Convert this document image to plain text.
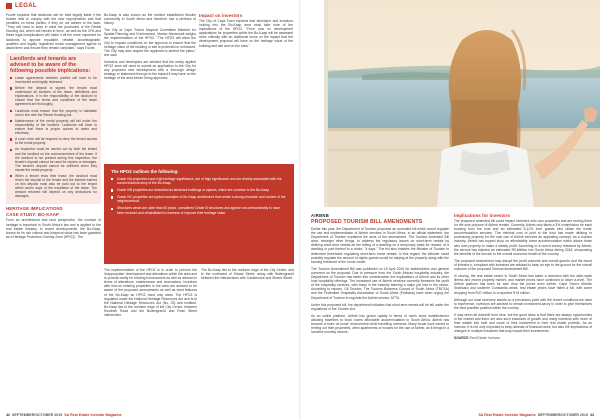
LEGAL

Fourie explains that landlords will be held legally liable if the trustee fails to comply with the new requirements and that penalties on these parties, if they do not adhere to the laws. "They will need to keep in mind the provisions of the Rental Housing Act, which will remain in force, as well as the CPA and these legal complications will make it all the more important for landlords to appoint reputable, reliable, knowledgeable, qualified and legally registered rental management agents to assist them and ensure they remain compliant," says Fourie.

Landlords and tenants are advised to be aware of the following possible implications:
Lease agreements between parties will have to be inventoried and legally reviewed.
Before the deposit is signed, the tenant must understand all sections of the lease, definitions and explanations. It is the responsibility of the landlord to ensure that the terms and conditions of the lease agreement are thoroughly.
Landlords must ensure that the property is habitable and in line with the Rental Housing Act.
Maintenance of the rental property will fall under the responsibility of the landlord. Landlords will have to ensure that there is proper access to water and electricity.
A court order will be required to deny the tenant access to the rental property.
An inspection must be carried out by both the tenant and the landlord on the commencement of the lease. If the landlord is not present during this inspection, the tenant's deposit cannot be used for repairs or damages. The tenant's deposit cannot be withheld when they vacate the rental property.
When a tenant ends their lease, the landlord must return the deposit to the tenant and the interest earned on this deposit must also be paid out to the tenant within seven days of the expiration of the lease. The amount returned will depend on any deductions for damages.
HERITAGE IMPLICATIONS
CASE STUDY: BO-KAAP

From an architectural and land perspective, the concept of heritage is important in South Africa's law and is applied to the real estate industry. In recent developments, the Bo-Kaap, known for its rich cultural and historical value has been gazetted as a Heritage Protection Overlay Zone (HPOZ). The

Bo-Kaap is also known as the earliest established Muslim community in South Africa and therefore has a plethora of history.

The City of Cape Town's Mayoral Committee Member for Spatial Planning and Environment, Marian Nieuwoudt weighs the implementation of the HPOZ. "The HPOZ will allow the City to impose conditions on the approval to ensure that the heritage value of the building or site is protected or enhanced. The City may also require the applicant to amend the plans," she said.

Investors and developers are advised that the newly applied HPOZ area will need to submit an application to the City for any proposed new development with a thorough design strategy or statement through to the impact it may have on the heritage of the area before being approved.

Impact on investors

The City of Cape Town explains that developer and investors looking into the Bo-Kaap area must take note of the implications of the HPOZ. "From now on development applications for properties within the Bo-Kaap will be assessed more critically with an additional focus on the impact that the development proposal will have on the heritage value of the building and site and on the area."

The HPOZ outlines the following:
Grade IIIA properties have high heritage significance, are of high significance and are directly associated with the social-historical story of the Bo-Kaap.
Grade IIIB properties are described as landmark buildings or spaces, which are common to the Bo-Kaap.
Grade IIIC properties are typical examples of Bo-Kaap architecture that create a strong character and context of the neighbourhood.
Structures which are older than 60 years, considered Grade III structures and appear non-demonstrably to have been restored and rehabilitated to increase or improve their heritage value.

The implementation of the HPOZ is in order to prevent the 'inappropriate' development and alterations within the area and to provide clarity for existing homeowners as well as allowed in terms of alterations, maintenance and renovations. Investors with rent-on existing properties in the area are advised to be aware of the proposed amendments as well as what features of the Bo-Kaap an HPOZ must only allow. The HPOZ is regulated under the National Heritage Resources Act and is to the National Heritage Resources Act (No. 25) and Institute. Bo-Kaap lies to the northern edge of the City Centre, between Kloofnek Road and the Buitengracht and Rose Street intersection.

The Bo-Kaap lies to the northern edge of the City Centre, and to the northwest of Strand Street; along with Buitengracht between the intersections with Carisbrooke and Strand Street.

42 SEPTEMBER/OCTOBER 2019 SA Real Estate Investor Magazine
AIRBNB
PROPOSED TOURISM BILL AMENDMENTS

Earlier this year, the Department of Tourism proposed an amended bill which would regulate the use and implementation of Airbnb services in South Africa. In an official statement, the Department of Tourism explained the aims of the amendment. The Tourism Amended Bill aims, amongst other things, to address the regulatory issues on short-term rentals by defining short-term rentals as the letting of a dwelling on a temporary basis for reward, of a dwelling or part thereof to a visitor, "it says." The bill also enables the Minister of Tourism to determine thresholds regulating short-term home rentals. In this regard, the Minister could possibly regulate the amount of nights guests would be staying at the property along with the earning threshold of the home owner.

The Tourism Amendment Bill was published on 18 April 2019 for stakeholders and general comment on the proposal. Due to pressure from the South African hospitality industry, the Department of Tourism has taken into consideration the implications of Airbnb and its other host hospitality offerings. The increased use of Airbnb services currently threatens the profit of the hospitality services, with many in the industry blaming a major job loss in the sector. According to reports, Gil Tourism, The Tourism Business Council of South Africa (TBCSA) and the Federated Hospitality Association of South Africa (Fedhasa) have been urging the Department of Tourism to regulate the Airbnb service, AFTA.

Under this proposed bill, the department indicates that short-term rentals will be fall under the regulations of the Tourism Act.

As an online platform, Airbnb has grown rapidly in terms of users since establishment allowing travellers to book rooms affordable accommodation in South Africa. Airbnb has become a more 'at home' environment while travelling overseas. Many locals have turned to renting out their properties, often apartments or houses for the use of Airbnb, as it brings in a lucrative monthly income.

Implications for investors

The proposed amended bill could impact investors who own properties and are renting them for the sole purpose of Airbnb rentals. Currently, Airbnb only takes a 3% commission for each booking from the host and an estimated 6-12% from guests who utilise the hosts' accommodation services. The minimal cost of joint of the host has made utilising or purchasing property for the sole use of Airbnb services an appealing concept. As a tourism industry, Airbnb has topped shop on affordability home accommodation which allows those who own property to make a steady profit. According to a recent survey released by Airbnb, the service has injected an estimated R9.6billion into South Africa during 2018, showcasing the benefits of the service to the overall economic health of the country.

The proposed amendment may disrupt the profit outcome and overall guest's and the mood of investor's, compliant with investors are advised to keep an eye to the ground for the overall outcome of the proposed Tourism Amendment Bill.

In closing, the real estate sector in South Africa has taken a downturn with the wide-scale illness and recent property market, and market prices have continued to lower a-level. The Airbnb platform has been for sale drop the prices even further. Cape Town's Atlantic Seaboard and southern Constantia areas, real estate prices have fallen a full, with some dropping from R47 million to a reported R15 million.

Although our local economy stands on a precarious point with the recent conditions we have to experience, investors are advised to remain investment-savvy in order to give themselves the best possible position within the country.

It may seem all downhill from here, but the good news is that there are always opportunities in the market and there are also such instances of growth and many investors with much of their wealth into both and some of their investment in their real estate portfolio. As an investor, it is not only important to keep abreast of financial news, but also the implications of changes in multiple industries that may impact their investments.

SOURCE Real Estate Investor
SA Real Estate Investor Magazine SEPTEMBER/OCTOBER 2019 43
